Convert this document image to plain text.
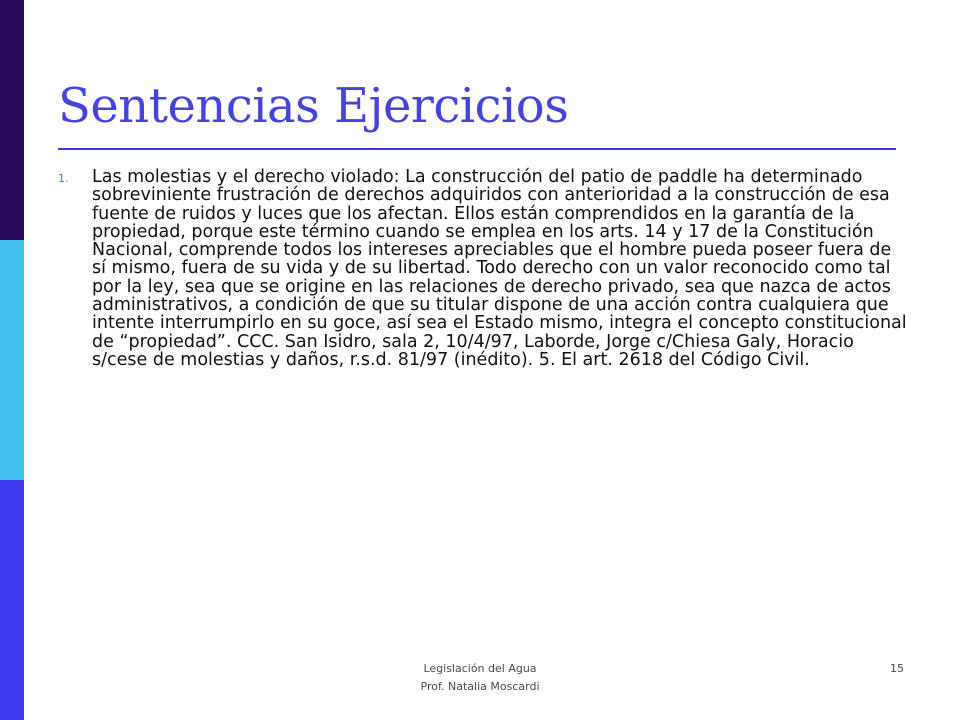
Sentencias Ejercicios
1. Las molestias y el derecho violado: La construcción del patio de paddle ha determinado sobreviniente frustración de derechos adquiridos con anterioridad a la construcción de esa fuente de ruidos y luces que los afectan. Ellos están comprendidos en la garantía de la propiedad, porque este término cuando se emplea en los arts. 14 y 17 de la Constitución Nacional, comprende todos los intereses apreciables que el hombre pueda poseer fuera de sí mismo, fuera de su vida y de su libertad. Todo derecho con un valor reconocido como tal por la ley, sea que se origine en las relaciones de derecho privado, sea que nazca de actos administrativos, a condición de que su titular dispone de una acción contra cualquiera que intente interrumpirlo en su goce, así sea el Estado mismo, integra el concepto constitucional de “propiedad”. CCC. San Isidro, sala 2, 10/4/97, Laborde, Jorge c/Chiesa Galy, Horacio s/cese de molestias y daños, r.s.d. 81/97 (inédito). 5. El art. 2618 del Código Civil.
Legislación del Agua
Prof. Natalia Moscardi
15
